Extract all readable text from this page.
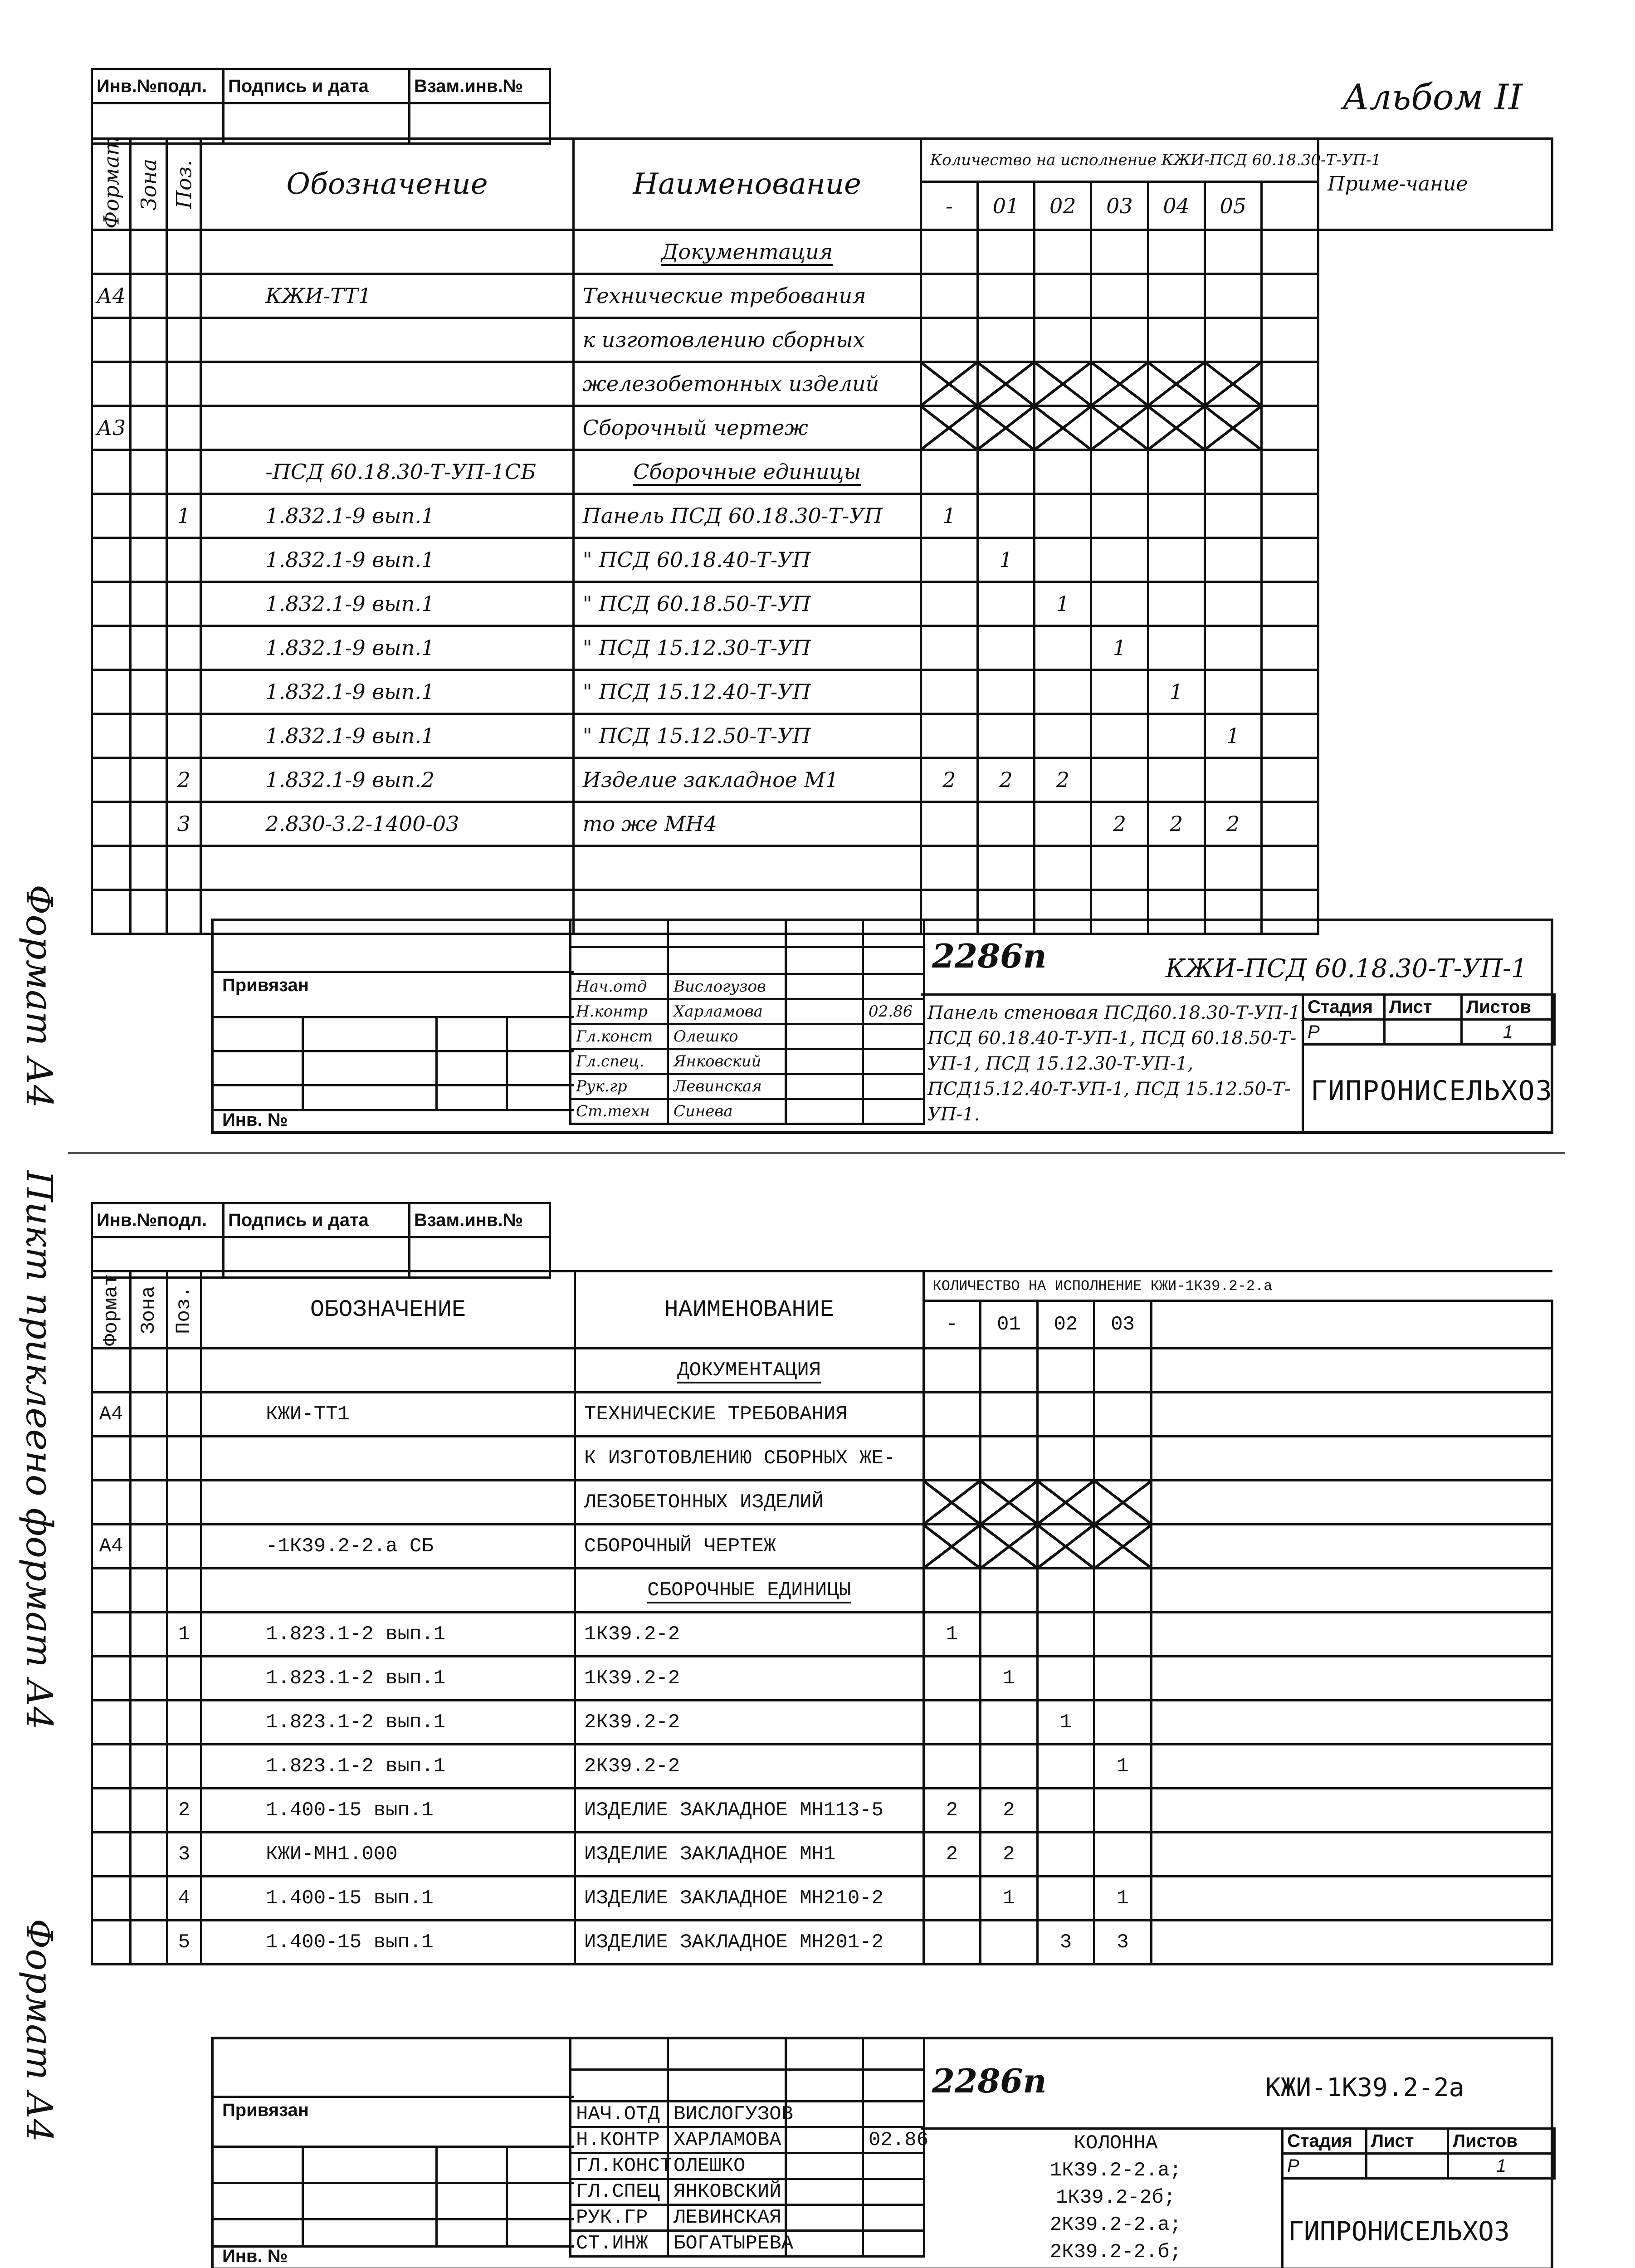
Альбом II
Формат А4
Пикт приклеено формат А4
Формат А4
Инв.№подл.	Подпись и дата	Взам.инв.№

Формат	Зона	Поз.	Обозначение	Наименование	Количество на исполнение КЖИ-ПСД 60.18.30-Т-УП-1							Приме-чание
					-	01	02	03	04	05		
				Документация								
А4			КЖИ-ТТ1	Технические требования								
				к изготовлению сборных								
				железобетонных изделий								
А3				Сборочный чертеж								
			-ПСД 60.18.30-Т-УП-1СБ	Сборочные единицы								
		1	1.832.1-9 вып.1	Панель ПСД 60.18.30-Т-УП	1							
			1.832.1-9 вып.1	" ПСД 60.18.40-Т-УП		1						
			1.832.1-9 вып.1	" ПСД 60.18.50-Т-УП			1					
			1.832.1-9 вып.1	" ПСД 15.12.30-Т-УП				1				
			1.832.1-9 вып.1	" ПСД 15.12.40-Т-УП					1			
			1.832.1-9 вып.1	" ПСД 15.12.50-Т-УП						1		
		2	1.832.1-9 вып.2	Изделие закладное М1	2	2	2					
		3	2.830-3.2-1400-03	то же МН4				2	2	2		

Привязан
Инв. №

Нач.отд	Вислогузов		
Н.контр	Харламова		02.86
Гл.конст	Олешко		
Гл.спец.	Янковский		
Рук.гр	Левинская		
Ст.техн	Синева		
2286п	КЖИ-ПСД 60.18.30-Т-УП-1
Панель стеновая ПСД60.18.30-Т-УП-1, ПСД 60.18.40-Т-УП-1, ПСД 60.18.50-Т-УП-1, ПСД 15.12.30-Т-УП-1, ПСД15.12.40-Т-УП-1, ПСД 15.12.50-Т-УП-1.
Стадия	Лист	Листов
Р		1
ГИПРОНИСЕЛЬХОЗ
Инв.№подл.	Подпись и дата	Взам.инв.№

Формат	Зона	Поз.	ОБОЗНАЧЕНИЕ	НАИМЕНОВАНИЕ	КОЛИЧЕСТВО НА ИСПОЛНЕНИЕ КЖИ-1К39.2-2.а				
					-	01	02	03	
				ДОКУМЕНТАЦИЯ					
А4			КЖИ-ТТ1	ТЕХНИЧЕСКИЕ ТРЕБОВАНИЯ					
				К ИЗГОТОВЛЕНИЮ СБОРНЫХ ЖЕ-					
				ЛЕЗОБЕТОННЫХ ИЗДЕЛИЙ					
А4			-1К39.2-2.а СБ	СБОРОЧНЫЙ ЧЕРТЕЖ					
				СБОРОЧНЫЕ ЕДИНИЦЫ					
		1	1.823.1-2 вып.1	1К39.2-2	1				
			1.823.1-2 вып.1	1К39.2-2		1			
			1.823.1-2 вып.1	2К39.2-2			1		
			1.823.1-2 вып.1	2К39.2-2				1	
		2	1.400-15 вып.1	ИЗДЕЛИЕ ЗАКЛАДНОЕ МН113-5	2	2			
		3	КЖИ-МН1.000	ИЗДЕЛИЕ ЗАКЛАДНОЕ МН1	2	2			
		4	1.400-15 вып.1	ИЗДЕЛИЕ ЗАКЛАДНОЕ МН210-2		1		1	
		5	1.400-15 вып.1	ИЗДЕЛИЕ ЗАКЛАДНОЕ МН201-2			3	3	
Привязан
Инв. №

НАЧ.ОТД	ВИСЛОГУЗОВ		
Н.КОНТР	ХАРЛАМОВА		02.86
ГЛ.КОНСТ	ОЛЕШКО		
ГЛ.СПЕЦ	ЯНКОВСКИЙ		
РУК.ГР	ЛЕВИНСКАЯ		
СТ.ИНЖ	БОГАТЫРЕВА		
2286п	КЖИ-1К39.2-2а
КОЛОННА
1К39.2-2.а;
1К39.2-2б;
2К39.2-2.а;
2К39.2-2.б;
Стадия	Лист	Листов
Р		1
ГИПРОНИСЕЛЬХОЗ
